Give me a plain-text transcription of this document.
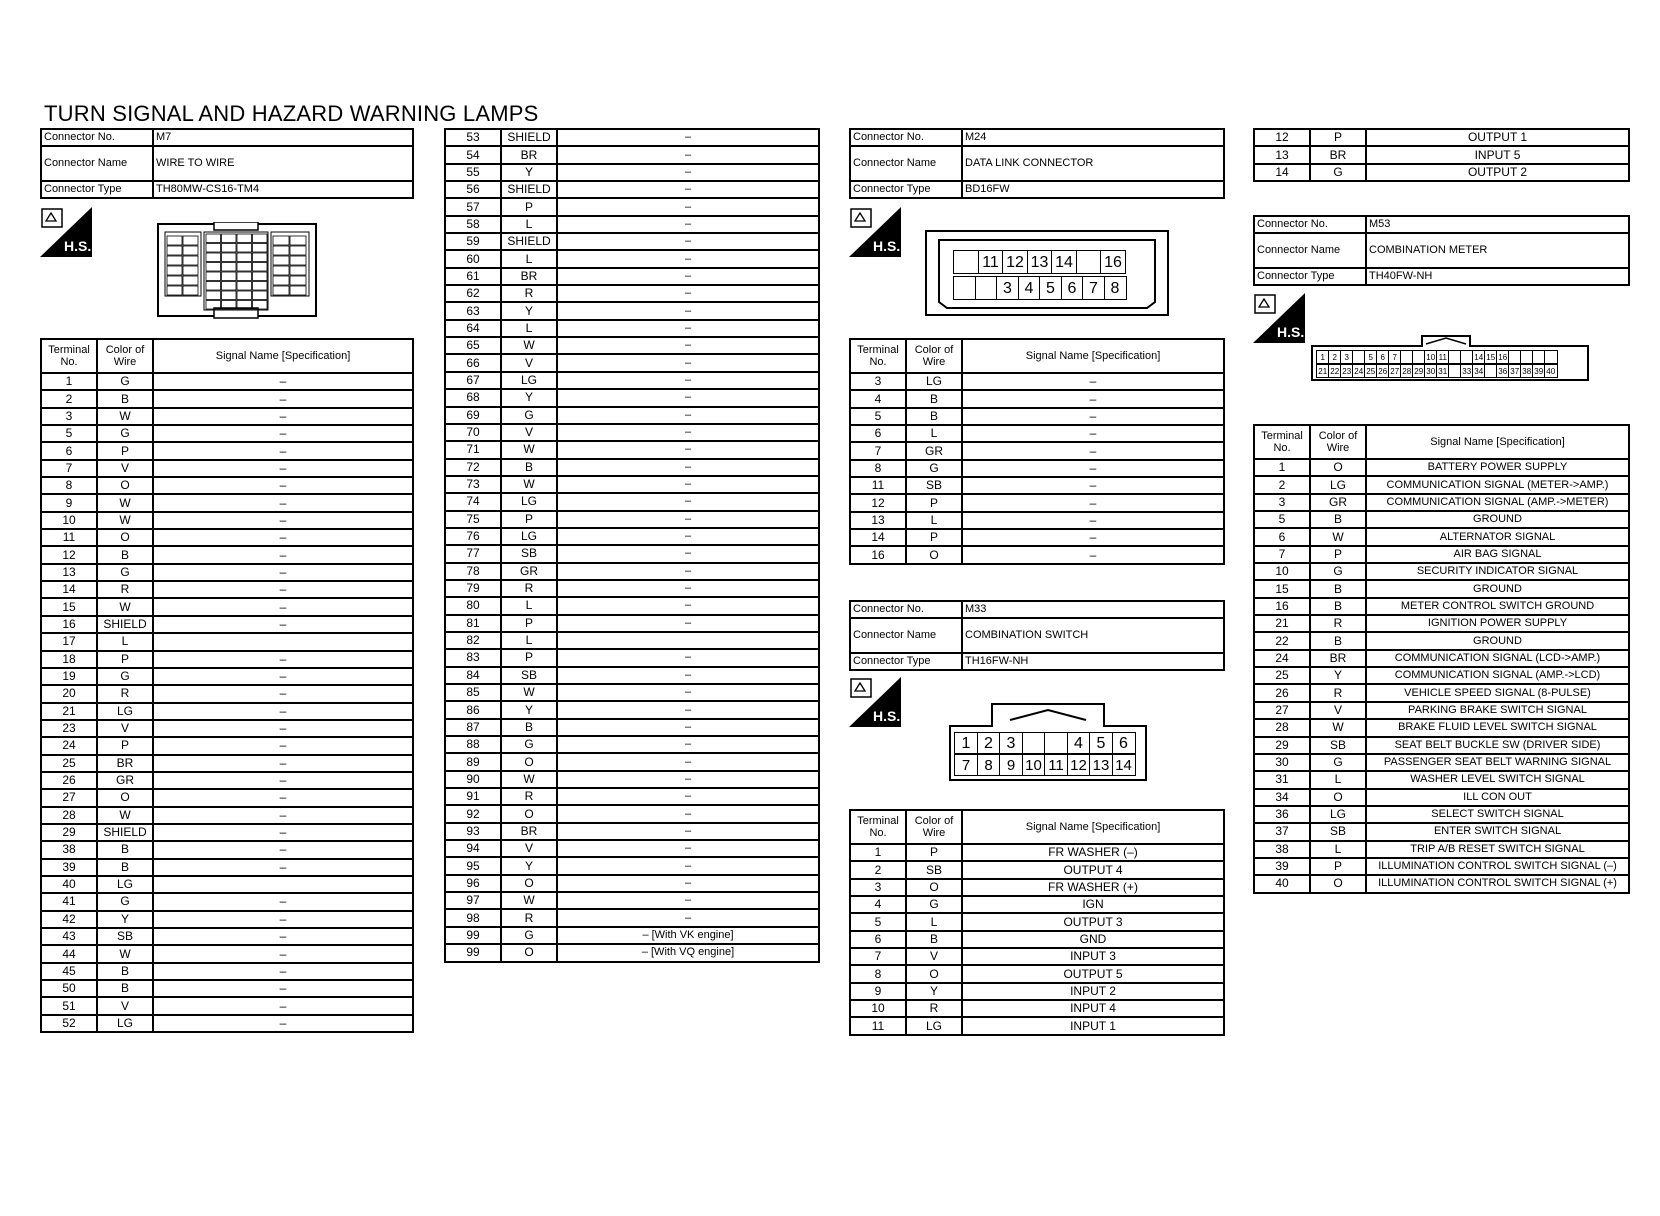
TURN SIGNAL AND HAZARD WARNING LAMPS
Connector No.	M7
Connector Name	WIRE TO WIRE
Connector Type	TH80MW-CS16-TM4
H.S.
Terminal No.	Color of Wire	Signal Name [Specification]
1	G	–
2	B	–
3	W	–
5	G	–
6	P	–
7	V	–
8	O	–
9	W	–
10	W	–
11	O	–
12	B	–
13	G	–
14	R	–
15	W	–
16	SHIELD	–
17	L	
18	P	–
19	G	–
20	R	–
21	LG	–
23	V	–
24	P	–
25	BR	–
26	GR	–
27	O	–
28	W	–
29	SHIELD	–
38	B	–
39	B	–
40	LG	
41	G	–
42	Y	–
43	SB	–
44	W	–
45	B	–
50	B	–
51	V	–
52	LG	–
53	SHIELD	–
54	BR	–
55	Y	–
56	SHIELD	–
57	P	–
58	L	–
59	SHIELD	–
60	L	–
61	BR	–
62	R	–
63	Y	–
64	L	–
65	W	–
66	V	–
67	LG	–
68	Y	–
69	G	–
70	V	–
71	W	–
72	B	–
73	W	–
74	LG	–
75	P	–
76	LG	–
77	SB	–
78	GR	–
79	R	–
80	L	–
81	P	–
82	L	
83	P	–
84	SB	–
85	W	–
86	Y	–
87	B	–
88	G	–
89	O	–
90	W	–
91	R	–
92	O	–
93	BR	–
94	V	–
95	Y	–
96	O	–
97	W	–
98	R	–
99	G	– [With VK engine]
99	O	– [With VQ engine]
Connector No.	M24
Connector Name	DATA LINK CONNECTOR
Connector Type	BD16FW
H.S.
11 12 13 14 16
3 4 5 6 7 8
Terminal No.	Color of Wire	Signal Name [Specification]
3	LG	–
4	B	–
5	B	–
6	L	–
7	GR	–
8	G	–
11	SB	–
12	P	–
13	L	–
14	P	–
16	O	–
Connector No.	M33
Connector Name	COMBINATION SWITCH
Connector Type	TH16FW-NH
H.S.
1 2 3	4 5 6
7 8 9 10 11 12 13 14
Terminal No.	Color of Wire	Signal Name [Specification]
1	P	FR WASHER (–)
2	SB	OUTPUT 4
3	O	FR WASHER (+)
4	G	IGN
5	L	OUTPUT 3
6	B	GND
7	V	INPUT 3
8	O	OUTPUT 5
9	Y	INPUT 2
10	R	INPUT 4
11	LG	INPUT 1
12	P	OUTPUT 1
13	BR	INPUT 5
14	G	OUTPUT 2
Connector No.	M53
Connector Name	COMBINATION METER
Connector Type	TH40FW-NH
H.S.
1 2 3	5 6 7	10 11	14 15 16
21 22 23 24 25 26 27 28 29 30 31 33 34 36 37 38 39 40
Terminal No.	Color of Wire	Signal Name [Specification]
1	O	BATTERY POWER SUPPLY
2	LG	COMMUNICATION SIGNAL (METER->AMP.)
3	GR	COMMUNICATION SIGNAL (AMP.->METER)
5	B	GROUND
6	W	ALTERNATOR SIGNAL
7	P	AIR BAG SIGNAL
10	G	SECURITY INDICATOR SIGNAL
15	B	GROUND
16	B	METER CONTROL SWITCH GROUND
21	R	IGNITION POWER SUPPLY
22	B	GROUND
24	BR	COMMUNICATION SIGNAL (LCD->AMP.)
25	Y	COMMUNICATION SIGNAL (AMP.->LCD)
26	R	VEHICLE SPEED SIGNAL (8-PULSE)
27	V	PARKING BRAKE SWITCH SIGNAL
28	W	BRAKE FLUID LEVEL SWITCH SIGNAL
29	SB	SEAT BELT BUCKLE SW (DRIVER SIDE)
30	G	PASSENGER SEAT BELT WARNING SIGNAL
31	L	WASHER LEVEL SWITCH SIGNAL
34	O	ILL CON OUT
36	LG	SELECT SWITCH SIGNAL
37	SB	ENTER SWITCH SIGNAL
38	L	TRIP A/B RESET SWITCH SIGNAL
39	P	ILLUMINATION CONTROL SWITCH SIGNAL (–)
40	O	ILLUMINATION CONTROL SWITCH SIGNAL (+)
